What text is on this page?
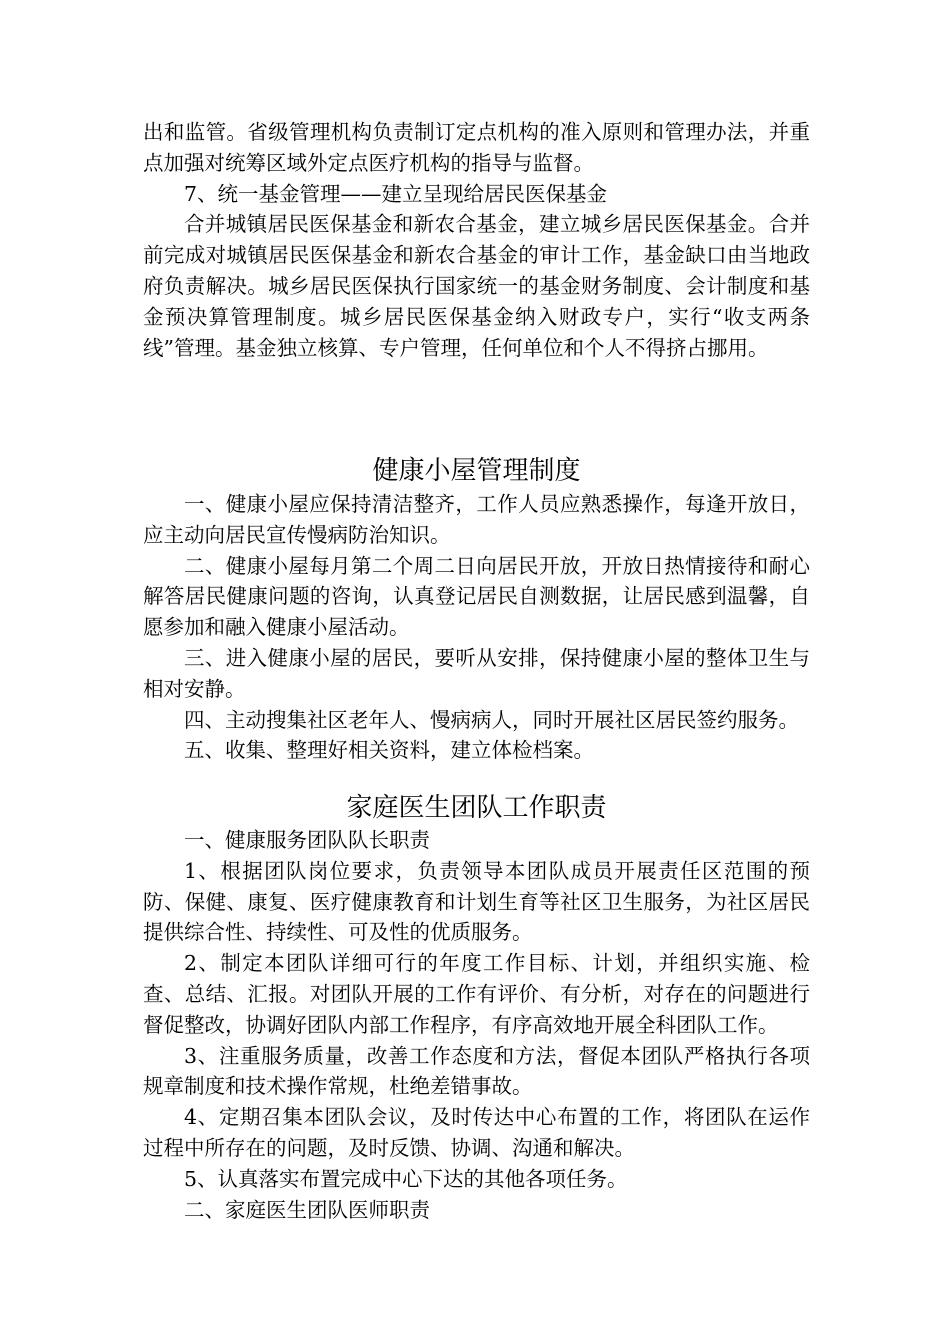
出和监管。省级管理机构负责制订定点机构的准入原则和管理办法，并重点加强对统筹区域外定点医疗机构的指导与监督。

7、统一基金管理——建立呈现给居民医保基金

合并城镇居民医保基金和新农合基金，建立城乡居民医保基金。合并前完成对城镇居民医保基金和新农合基金的审计工作，基金缺口由当地政府负责解决。城乡居民医保执行国家统一的基金财务制度、会计制度和基金预决算管理制度。城乡居民医保基金纳入财政专户，实行“收支两条线”管理。基金独立核算、专户管理，任何单位和个人不得挤占挪用。

健康小屋管理制度

一、健康小屋应保持清洁整齐，工作人员应熟悉操作，每逢开放日，应主动向居民宣传慢病防治知识。

二、健康小屋每月第二个周二日向居民开放，开放日热情接待和耐心解答居民健康问题的咨询，认真登记居民自测数据，让居民感到温馨，自愿参加和融入健康小屋活动。

三、进入健康小屋的居民，要听从安排，保持健康小屋的整体卫生与相对安静。

四、主动搜集社区老年人、慢病病人，同时开展社区居民签约服务。

五、收集、整理好相关资料，建立体检档案。

家庭医生团队工作职责

一、健康服务团队队长职责

1、根据团队岗位要求，负责领导本团队成员开展责任区范围的预防、保健、康复、医疗健康教育和计划生育等社区卫生服务，为社区居民提供综合性、持续性、可及性的优质服务。

2、制定本团队详细可行的年度工作目标、计划，并组织实施、检查、总结、汇报。对团队开展的工作有评价、有分析，对存在的问题进行督促整改，协调好团队内部工作程序，有序高效地开展全科团队工作。

3、注重服务质量，改善工作态度和方法，督促本团队严格执行各项规章制度和技术操作常规，杜绝差错事故。

4、定期召集本团队会议，及时传达中心布置的工作，将团队在运作过程中所存在的问题，及时反馈、协调、沟通和解决。

5、认真落实布置完成中心下达的其他各项任务。

二、家庭医生团队医师职责
